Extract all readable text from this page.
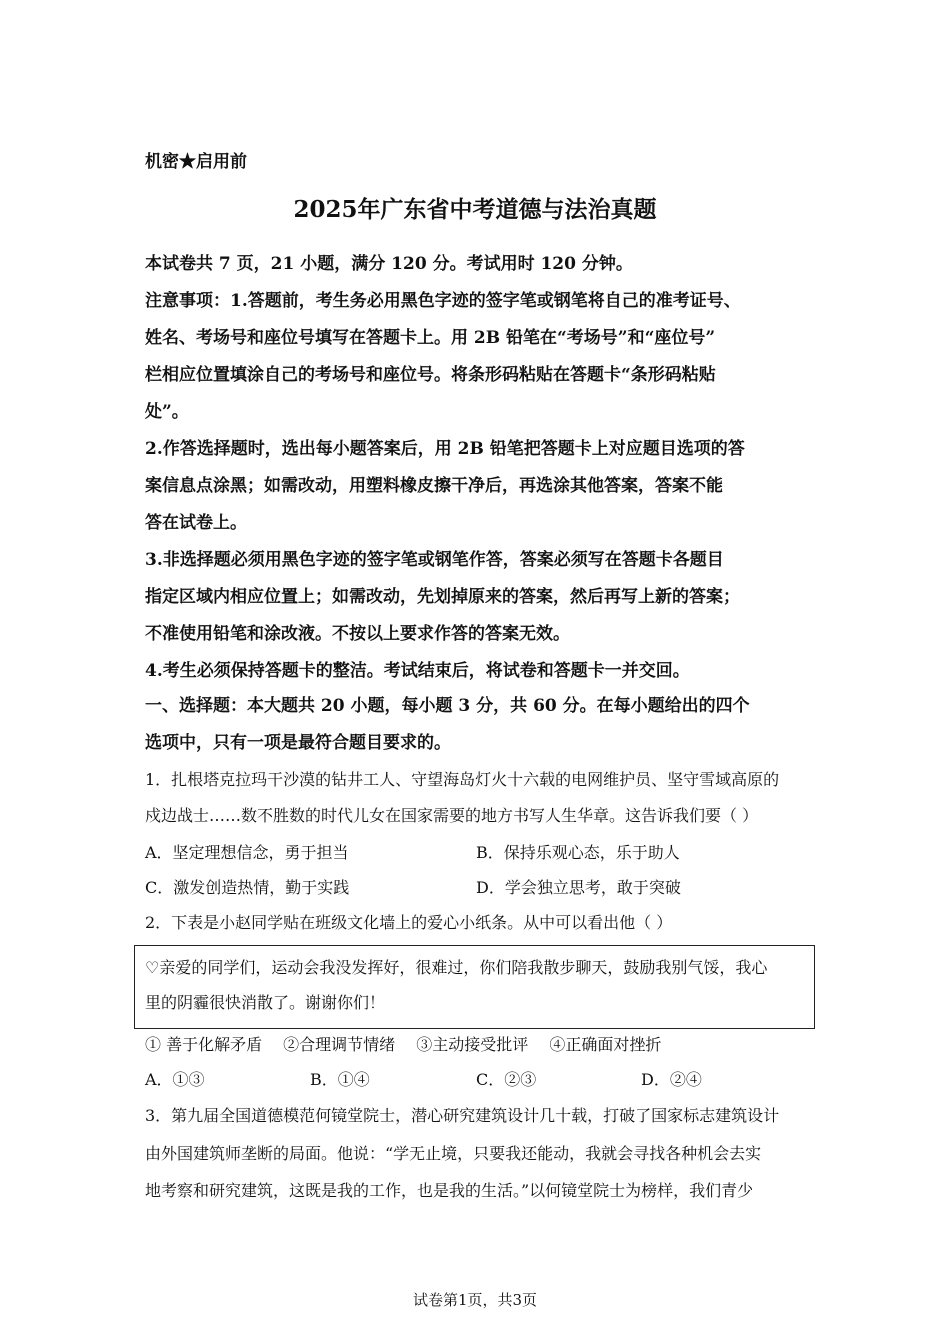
机密★启用前
2025年广东省中考道德与法治真题
本试卷共 7 页，21 小题，满分 120 分。考试用时 120 分钟。
注意事项：1.答题前，考生务必用黑色字迹的签字笔或钢笔将自己的准考证号、
姓名、考场号和座位号填写在答题卡上。用 2B 铅笔在“考场号”和“座位号”
栏相应位置填涂自己的考场号和座位号。将条形码粘贴在答题卡“条形码粘贴
处”。
2.作答选择题时，选出每小题答案后，用 2B 铅笔把答题卡上对应题目选项的答
案信息点涂黑；如需改动，用塑料橡皮擦干净后，再选涂其他答案，答案不能
答在试卷上。
3.非选择题必须用黑色字迹的签字笔或钢笔作答，答案必须写在答题卡各题目
指定区域内相应位置上；如需改动，先划掉原来的答案，然后再写上新的答案；
不准使用铅笔和涂改液。不按以上要求作答的答案无效。
4.考生必须保持答题卡的整洁。考试结束后，将试卷和答题卡一并交回。
一、选择题：本大题共 20 小题，每小题 3 分，共 60 分。在每小题给出的四个
选项中，只有一项是最符合题目要求的。
1．扎根塔克拉玛干沙漠的钻井工人、守望海岛灯火十六载的电网维护员、坚守雪域高原的
戍边战士……数不胜数的时代儿女在国家需要的地方书写人生华章。这告诉我们要（ ）
A．坚定理想信念，勇于担当	B．保持乐观心态，乐于助人
C．激发创造热情，勤于实践	D．学会独立思考，敢于突破
2．下表是小赵同学贴在班级文化墙上的爱心小纸条。从中可以看出他（ ）
♡亲爱的同学们，运动会我没发挥好，很难过，你们陪我散步聊天，鼓励我别气馁，我心
里的阴霾很快消散了。谢谢你们！
① 善于化解矛盾　 ②合理调节情绪　 ③主动接受批评　 ④正确面对挫折
A．①③	B．①④	C．②③	D．②④
3．第九届全国道德模范何镜堂院士，潜心研究建筑设计几十载，打破了国家标志建筑设计
由外国建筑师垄断的局面。他说：“学无止境，只要我还能动，我就会寻找各种机会去实
地考察和研究建筑，这既是我的工作，也是我的生活。”以何镜堂院士为榜样，我们青少
试卷第1页，共3页
